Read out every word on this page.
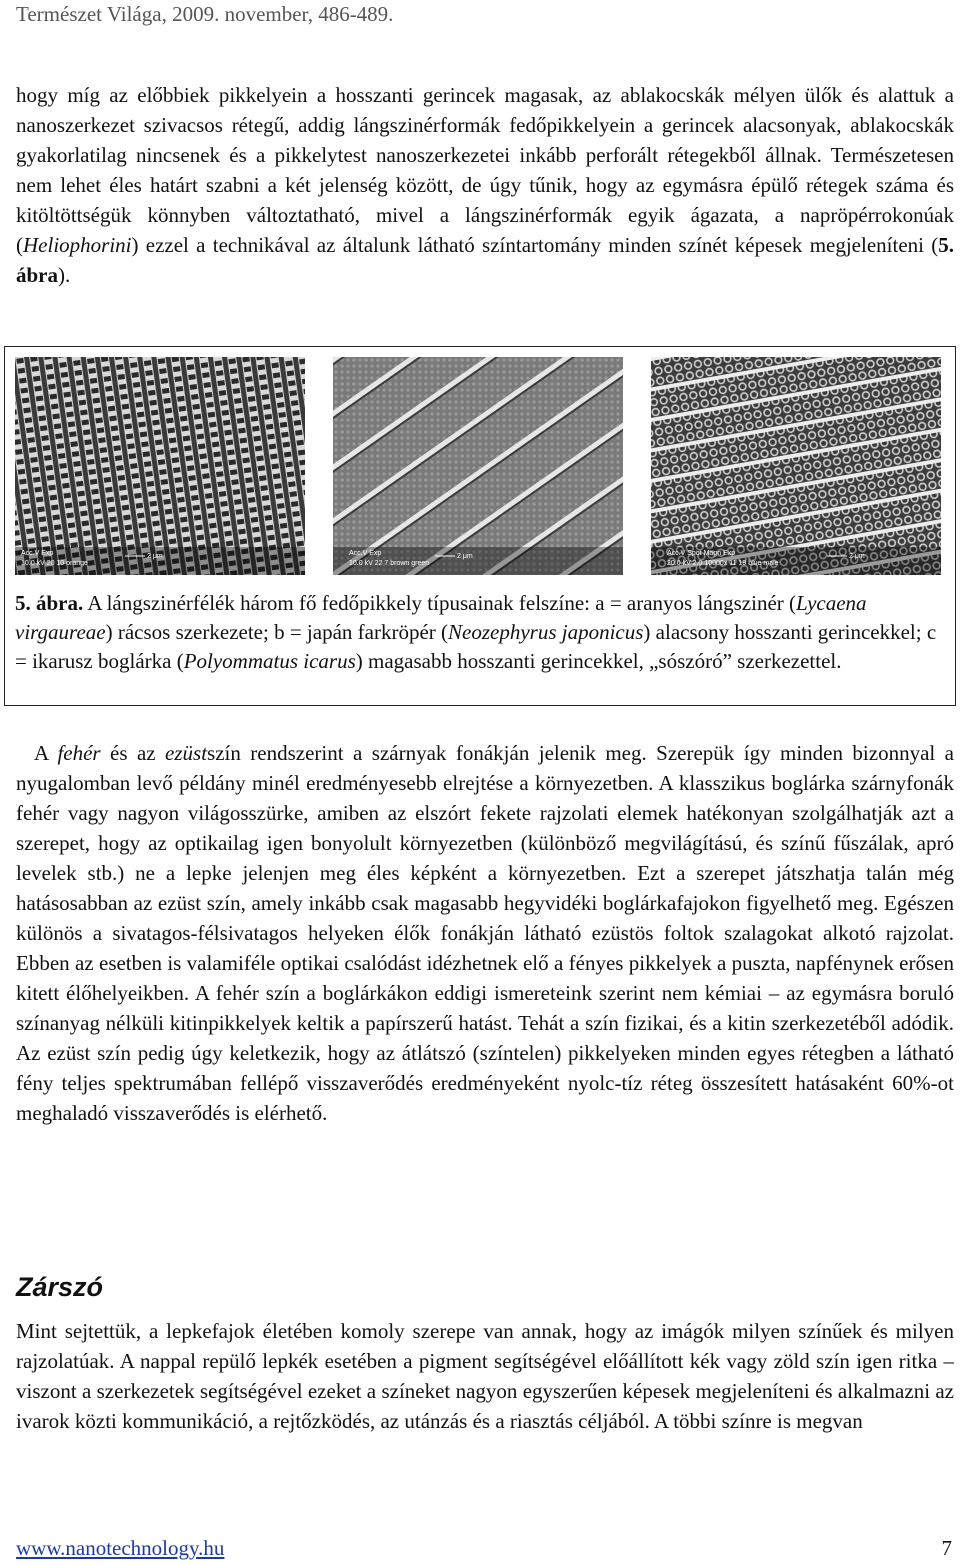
Természet Világa, 2009. november, 486-489.

hogy míg az előbbiek pikkelyein a hosszanti gerincek magasak, az ablakocskák mélyen ülők és alattuk a nanoszerkezet szivacsos rétegű, addig lángszinérformák fedőpikkelyein a gerincek alacsonyak, ablakocskák gyakorlatilag nincsenek és a pikkelytest nanoszerkezetei inkább perforált rétegekből állnak. Természetesen nem lehet éles határt szabni a két jelenség között, de úgy tűnik, hogy az egymásra épülő rétegek száma és kitöltöttségük könnyben változtatható, mivel a lángszinérformák egyik ágazata, a napröpérrokonúak (Heliophorini) ezzel a technikával az általunk látható színtartomány minden színét képesek megjeleníteni (5. ábra).

Acc.V Exp
10.0 kV 20 10 orange
2 μm	Acc.V Exp
10.0 kV 22 7 brown green
2 μm	Acc.V Spot Magn Exp
20.0 kV 2.0 10000x 11 19 blue male
2 μm

5. ábra. A lángszinérfélék három fő fedőpikkely típusainak felszíne: a = aranyos lángszinér (Lycaena virgaureae) rácsos szerkezete; b = japán farkröpér (Neozephyrus japonicus) alacsony hosszanti gerincekkel; c = ikarusz boglárka (Polyommatus icarus) magasabb hosszanti gerincekkel, „sószóró” szerkezettel.

A fehér és az ezüstszín rendszerint a szárnyak fonákján jelenik meg. Szerepük így minden bizonnyal a nyugalomban levő példány minél eredményesebb elrejtése a környezetben. A klasszikus boglárka szárnyfonák fehér vagy nagyon világosszürke, amiben az elszórt fekete rajzolati elemek hatékonyan szolgálhatják azt a szerepet, hogy az optikailag igen bonyolult környezetben (különböző megvilágítású, és színű fűszálak, apró levelek stb.) ne a lepke jelenjen meg éles képként a környezetben. Ezt a szerepet játszhatja talán még hatásosabban az ezüst szín, amely inkább csak magasabb hegyvidéki boglárkafajokon figyelhető meg. Egészen különös a sivatagos-félsivatagos helyeken élők fonákján látható ezüstös foltok szalagokat alkotó rajzolat. Ebben az esetben is valamiféle optikai csalódást idézhetnek elő a fényes pikkelyek a puszta, napfénynek erősen kitett élőhelyeikben. A fehér szín a boglárkákon eddigi ismereteink szerint nem kémiai – az egymásra boruló színanyag nélküli kitinpikkelyek keltik a papírszerű hatást. Tehát a szín fizikai, és a kitin szerkezetéből adódik. Az ezüst szín pedig úgy keletkezik, hogy az átlátszó (színtelen) pikkelyeken minden egyes rétegben a látható fény teljes spektrumában fellépő visszaverődés eredményeként nyolc-tíz réteg összesített hatásaként 60%-ot meghaladó visszaverődés is elérhető.

Zárszó

Mint sejtettük, a lepkefajok életében komoly szerepe van annak, hogy az imágók milyen színűek és milyen rajzolatúak. A nappal repülő lepkék esetében a pigment segítségével előállított kék vagy zöld szín igen ritka – viszont a szerkezetek segítségével ezeket a színeket nagyon egyszerűen képesek megjeleníteni és alkalmazni az ivarok közti kommunikáció, a rejtőzködés, az utánzás és a riasztás céljából. A többi színre is megvan

www.nanotechnology.hu	7
